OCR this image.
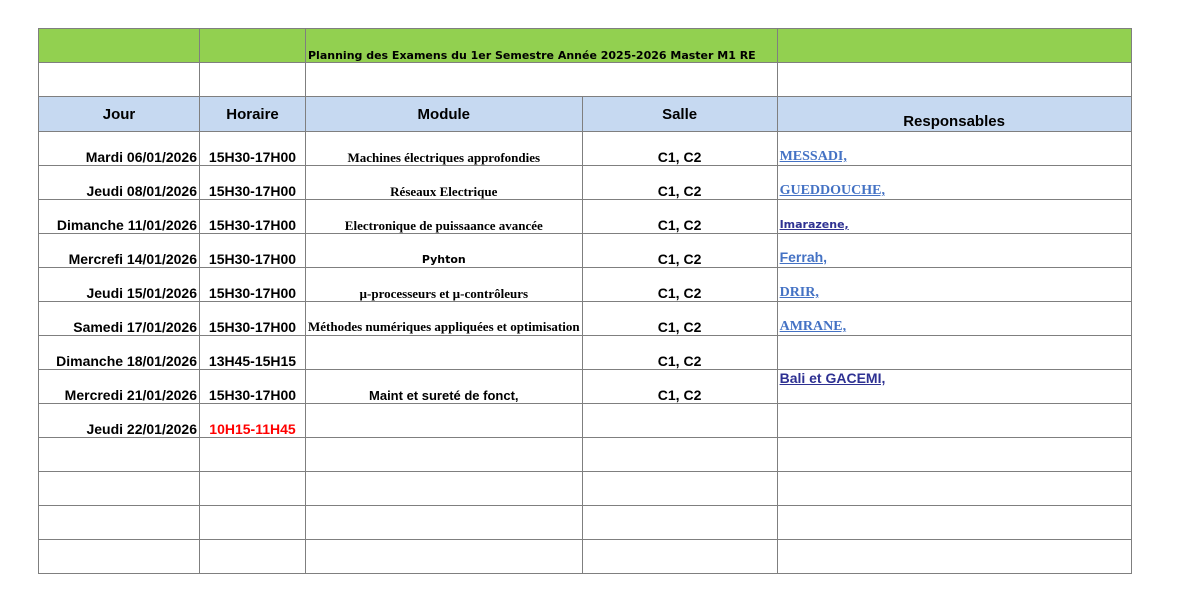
		Planning des Examens du 1er Semestre Année 2025-2026 Master M1 RE		

Jour	Horaire	Module	Salle	Responsables
Mardi 06/01/2026	15H30-17H00	Machines électriques approfondies	C1, C2	MESSADI,
Jeudi 08/01/2026	15H30-17H00	Réseaux Electrique	C1, C2	GUEDDOUCHE,
Dimanche 11/01/2026	15H30-17H00	Electronique de puissaance avancée	C1, C2	Imarazene,
Mercrefi 14/01/2026	15H30-17H00	Pyhton	C1, C2	Ferrah,
Jeudi 15/01/2026	15H30-17H00	µ-processeurs et µ-contrôleurs	C1, C2	DRIR,
Samedi 17/01/2026	15H30-17H00	Méthodes numériques appliquées et optimisation	C1, C2	AMRANE,
Dimanche 18/01/2026	13H45-15H15		C1, C2	
Mercredi 21/01/2026	15H30-17H00	Maint et sureté de fonct,	C1, C2	Bali et GACEMI,
Jeudi 22/01/2026	10H15-11H45			
